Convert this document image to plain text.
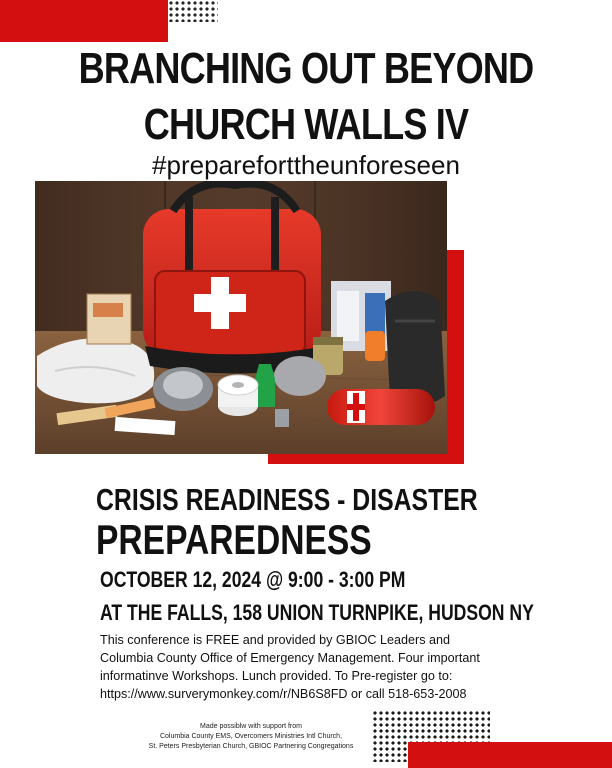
BRANCHING OUT BEYOND
CHURCH WALLS IV
#prepareforttheunforeseen
CRISIS READINESS - DISASTER
PREPAREDNESS
OCTOBER 12, 2024 @ 9:00 - 3:00 PM
AT THE FALLS, 158 UNION TURNPIKE, HUDSON NY
This conference is FREE and provided by GBIOC Leaders and
Columbia County Office of Emergency Management. Four important
informatinve Workshops. Lunch provided. To Pre-register go to:
https://www.surverymonkey.com/r/NB6S8FD or call 518-653-2008
Made possiblw with support from
Columbia County EMS, Overcomers Ministries Intl Church,
St. Peters Presbyterian Church, GBIOC Partnering Congregations
